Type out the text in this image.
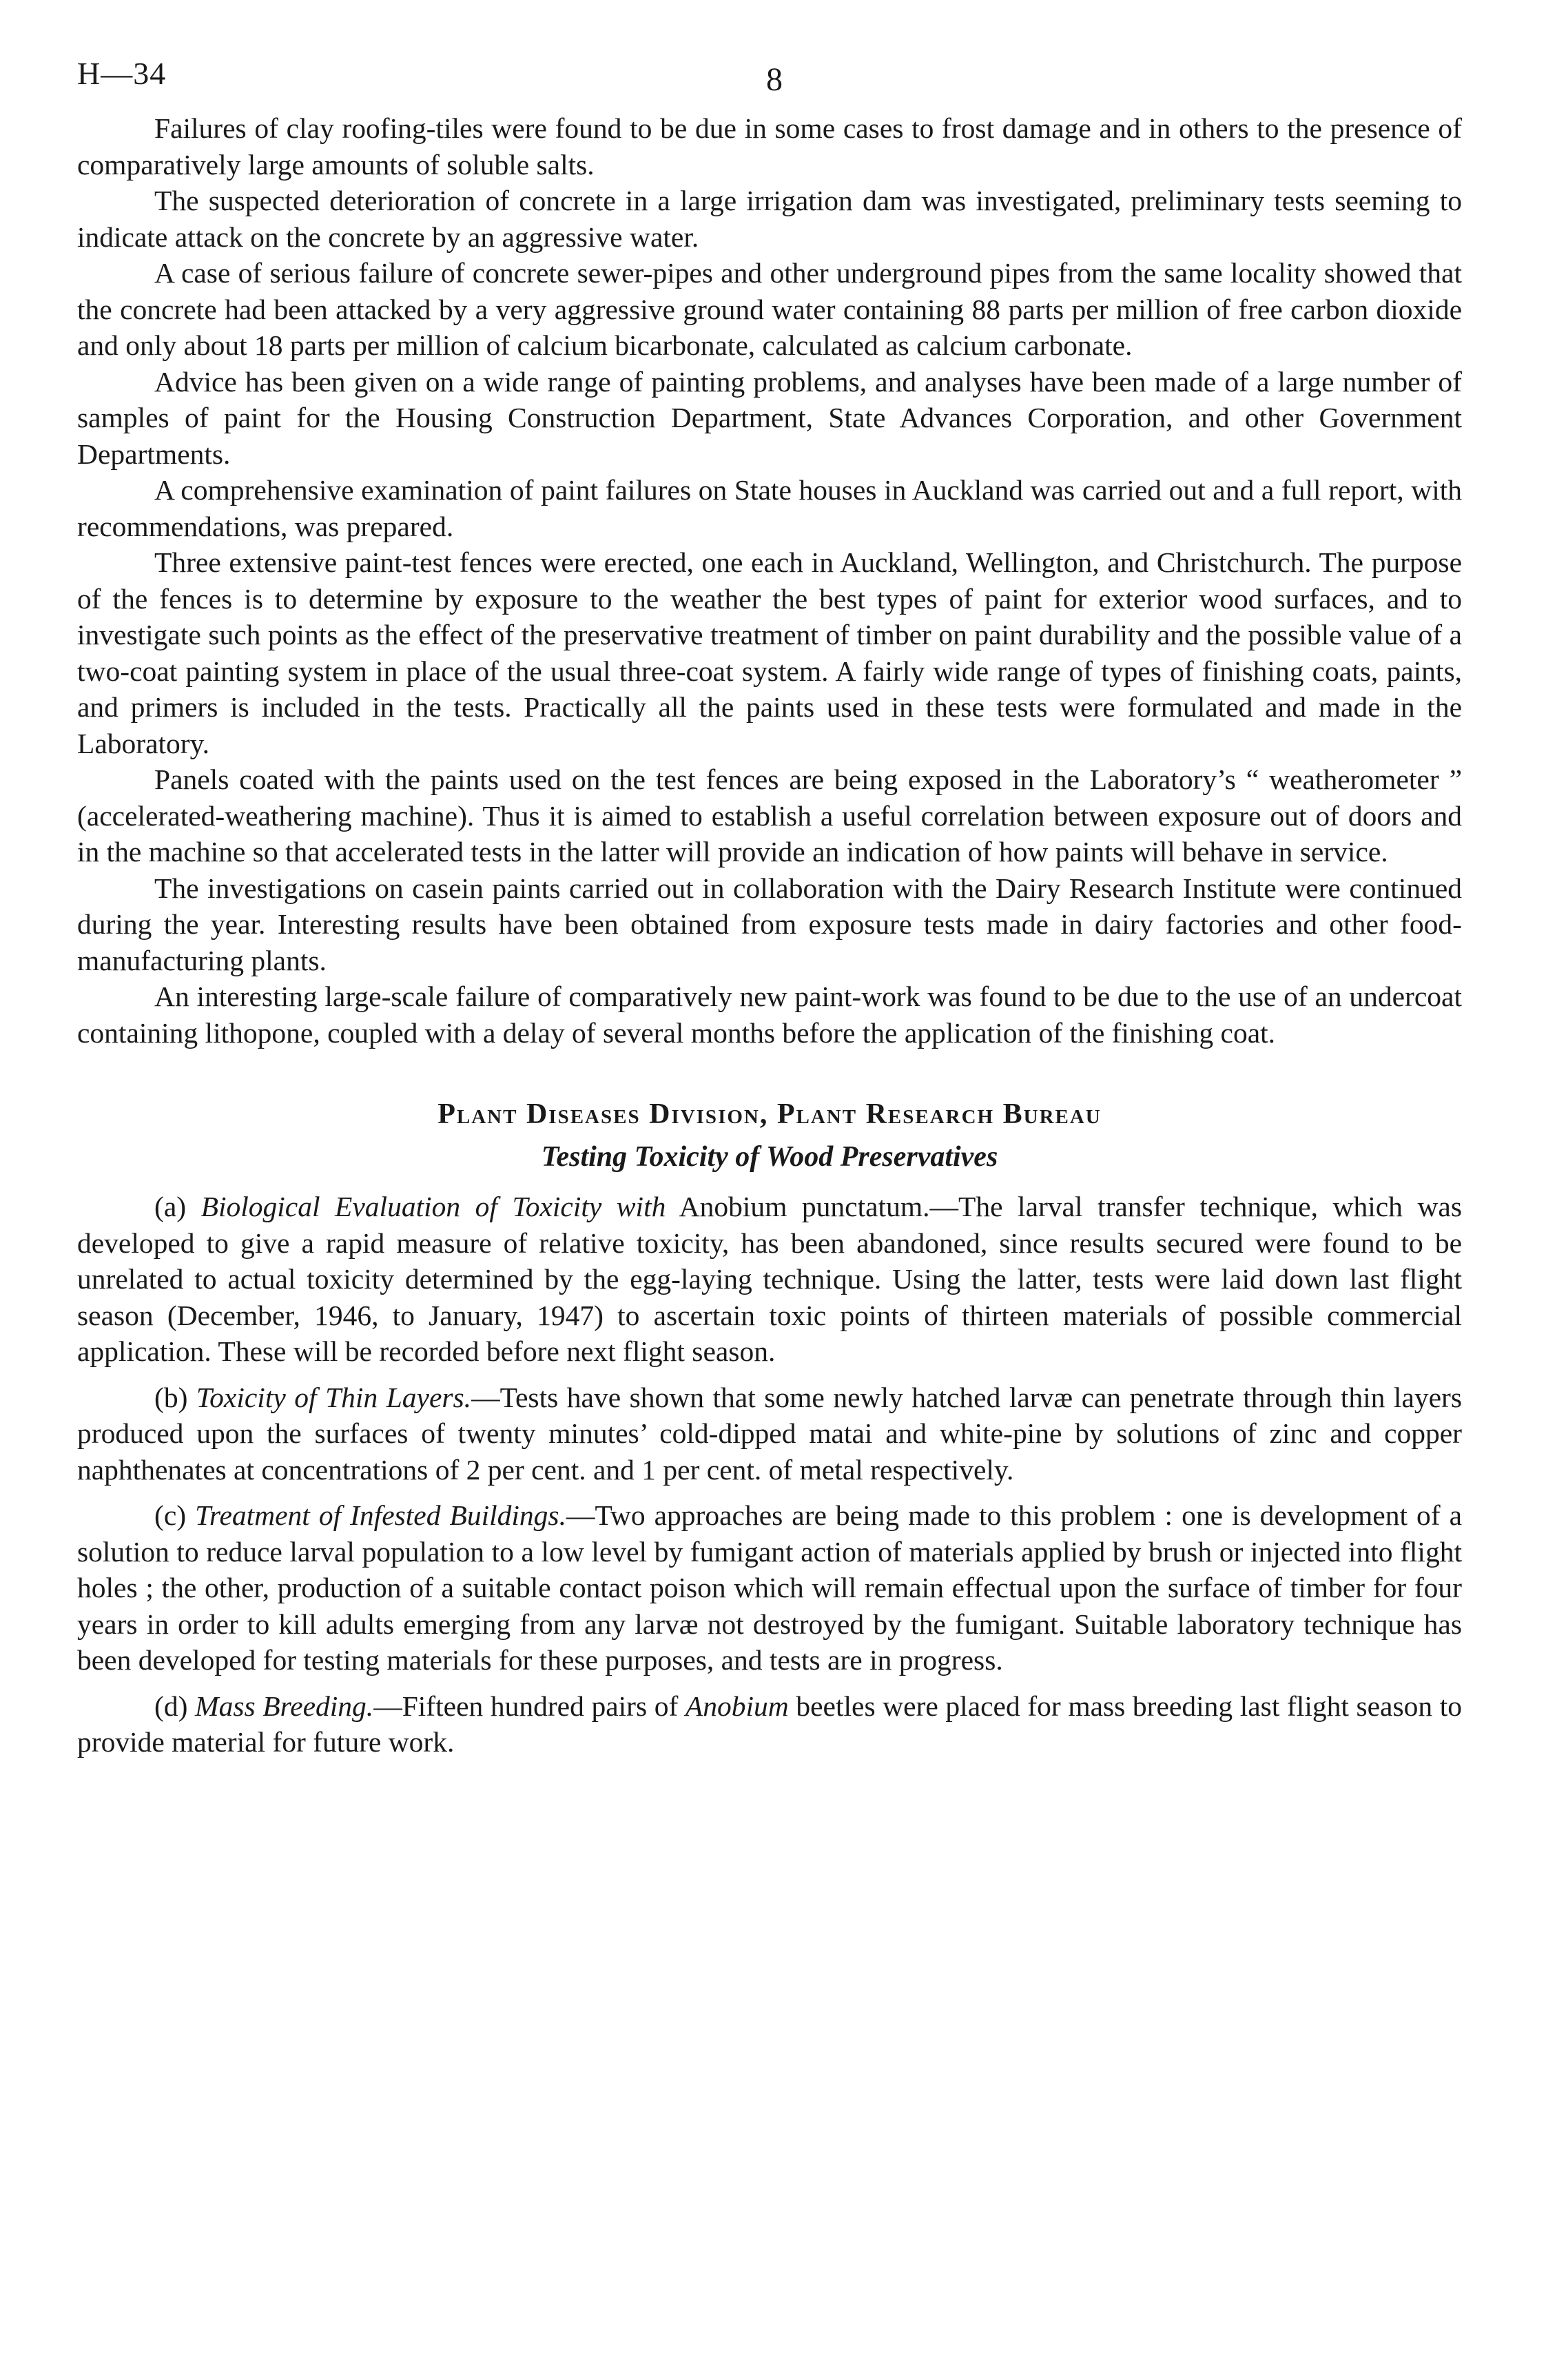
H—34	8

Failures of clay roofing-tiles were found to be due in some cases to frost damage and in others to the presence of comparatively large amounts of soluble salts.

The suspected deterioration of concrete in a large irrigation dam was investigated, preliminary tests seeming to indicate attack on the concrete by an aggressive water.

A case of serious failure of concrete sewer-pipes and other underground pipes from the same locality showed that the concrete had been attacked by a very aggressive ground water containing 88 parts per million of free carbon dioxide and only about 18 parts per million of calcium bicarbonate, calculated as calcium carbonate.

Advice has been given on a wide range of painting problems, and analyses have been made of a large number of samples of paint for the Housing Construction Department, State Advances Corporation, and other Government Departments.

A comprehensive examination of paint failures on State houses in Auckland was carried out and a full report, with recommendations, was prepared.

Three extensive paint-test fences were erected, one each in Auckland, Wellington, and Christchurch. The purpose of the fences is to determine by exposure to the weather the best types of paint for exterior wood surfaces, and to investigate such points as the effect of the preservative treatment of timber on paint durability and the possible value of a two-coat painting system in place of the usual three-coat system. A fairly wide range of types of finishing coats, paints, and primers is included in the tests. Practically all the paints used in these tests were formulated and made in the Laboratory.

Panels coated with the paints used on the test fences are being exposed in the Laboratory’s “ weatherometer ” (accelerated-weathering machine). Thus it is aimed to establish a useful correlation between exposure out of doors and in the machine so that accelerated tests in the latter will provide an indication of how paints will behave in service.

The investigations on casein paints carried out in collaboration with the Dairy Research Institute were continued during the year. Interesting results have been obtained from exposure tests made in dairy factories and other food-manufacturing plants.

An interesting large-scale failure of comparatively new paint-work was found to be due to the use of an undercoat containing lithopone, coupled with a delay of several months before the application of the finishing coat.

Plant Diseases Division, Plant Research Bureau
Testing Toxicity of Wood Preservatives

(a) Biological Evaluation of Toxicity with Anobium punctatum.—The larval transfer technique, which was developed to give a rapid measure of relative toxicity, has been abandoned, since results secured were found to be unrelated to actual toxicity determined by the egg-laying technique. Using the latter, tests were laid down last flight season (December, 1946, to January, 1947) to ascertain toxic points of thirteen materials of possible commercial application. These will be recorded before next flight season.

(b) Toxicity of Thin Layers.—Tests have shown that some newly hatched larvæ can penetrate through thin layers produced upon the surfaces of twenty minutes’ cold-dipped matai and white-pine by solutions of zinc and copper naphthenates at concentrations of 2 per cent. and 1 per cent. of metal respectively.

(c) Treatment of Infested Buildings.—Two approaches are being made to this problem : one is development of a solution to reduce larval population to a low level by fumigant action of materials applied by brush or injected into flight holes ; the other, production of a suitable contact poison which will remain effectual upon the surface of timber for four years in order to kill adults emerging from any larvæ not destroyed by the fumigant. Suitable laboratory technique has been developed for testing materials for these purposes, and tests are in progress.

(d) Mass Breeding.—Fifteen hundred pairs of Anobium beetles were placed for mass breeding last flight season to provide material for future work.
